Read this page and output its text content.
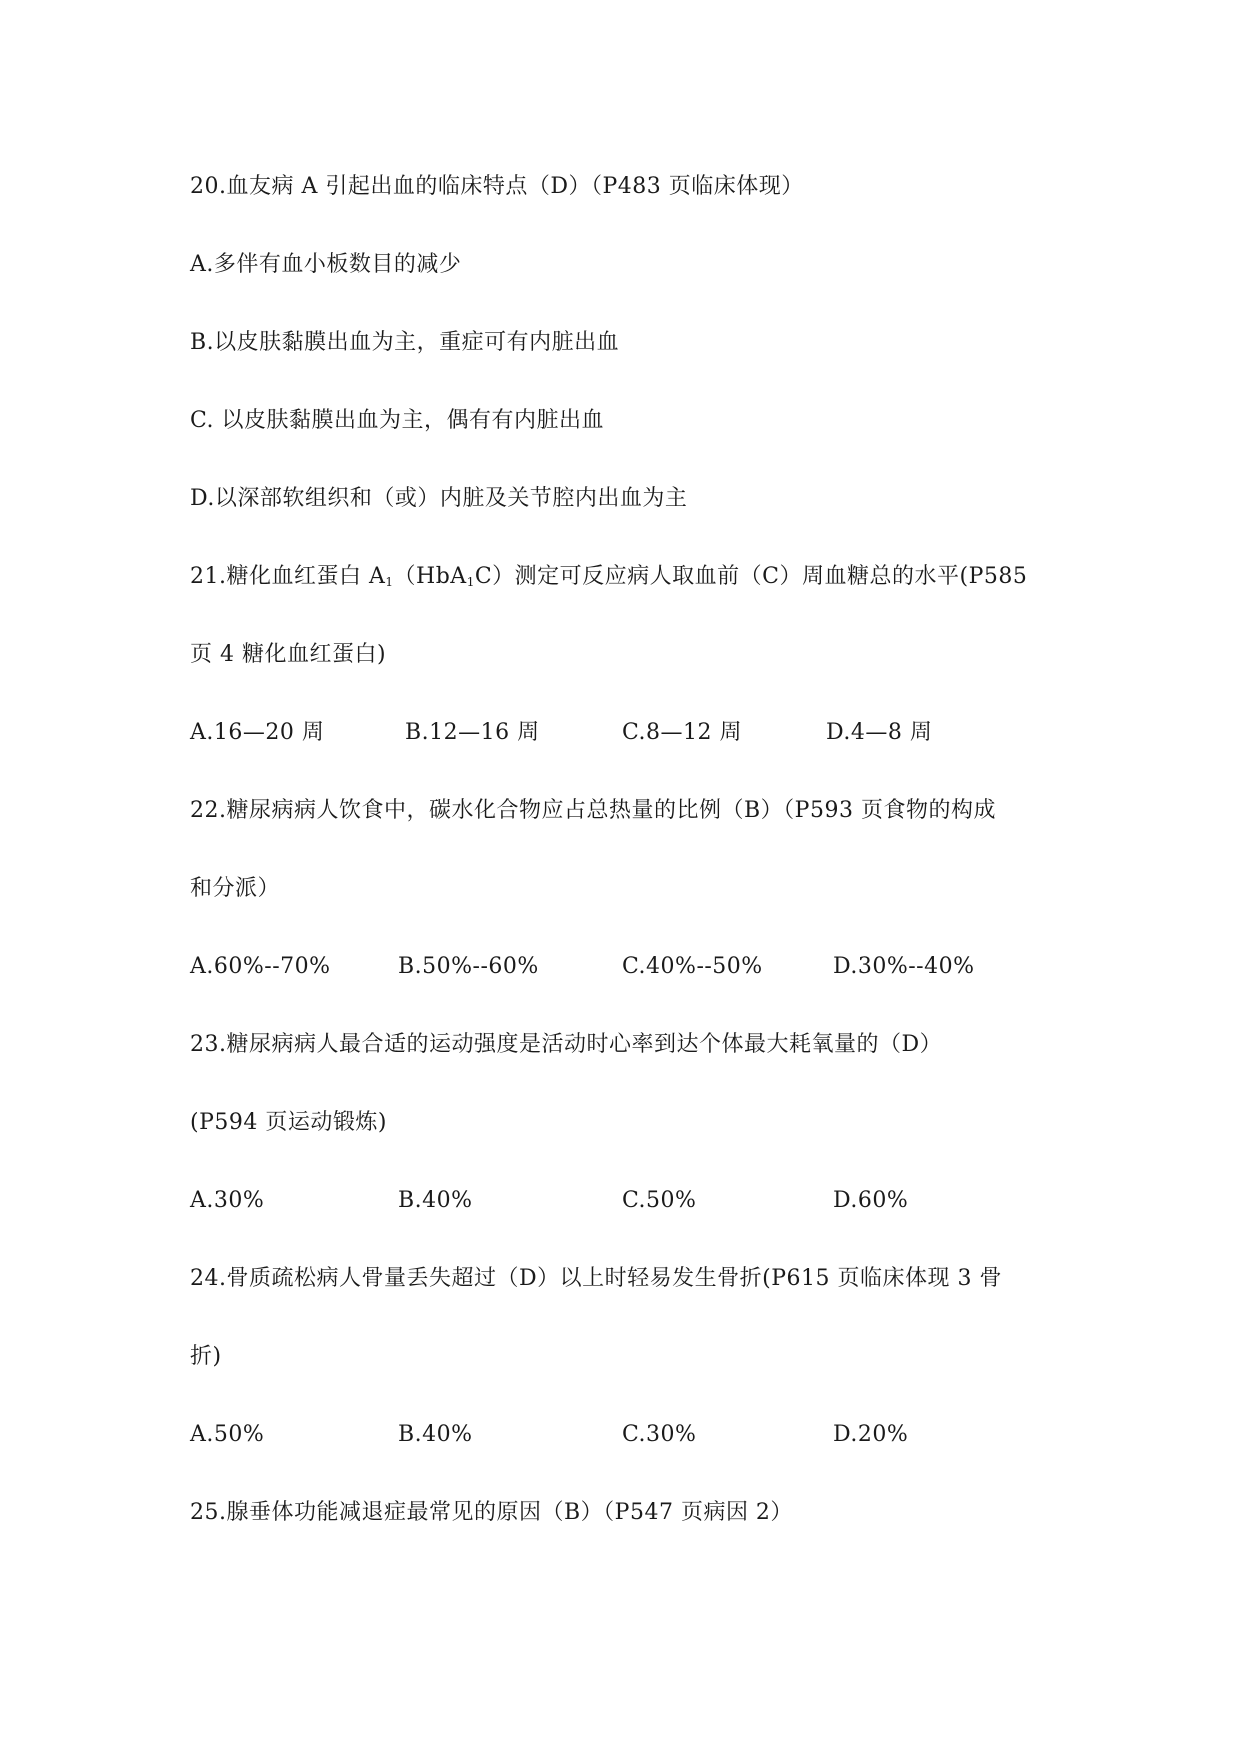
20.血友病 A 引起出血的临床特点（D）（P483 页临床体现）
A.多伴有血小板数目的减少
B.以皮肤黏膜出血为主，重症可有内脏出血
C. 以皮肤黏膜出血为主，偶有有内脏出血
D.以深部软组织和（或）内脏及关节腔内出血为主
21.糖化血红蛋白 $A_1(HbA_1C)$测定可反应病人取血前（C）周血糖总的水平(P585
页 4 糖化血红蛋白)
A.16—20 周	B.12—16 周	C.8—12 周	D.4—8 周
22.糖尿病病人饮食中，碳水化合物应占总热量的比例（B）（P593 页食物的构成
和分派）
A.60%--70%	B.50%--60%	C.40%--50%	D.30%--40%
23.糖尿病病人最合适的运动强度是活动时心率到达个体最大耗氧量的（D）
(P594 页运动锻炼)
A.30%	B.40%	C.50%	D.60%
24.骨质疏松病人骨量丢失超过（D）以上时轻易发生骨折(P615 页临床体现 3 骨
折)
A.50%	B.40%	C.30%	D.20%
25.腺垂体功能减退症最常见的原因（B）（P547 页病因 2）
